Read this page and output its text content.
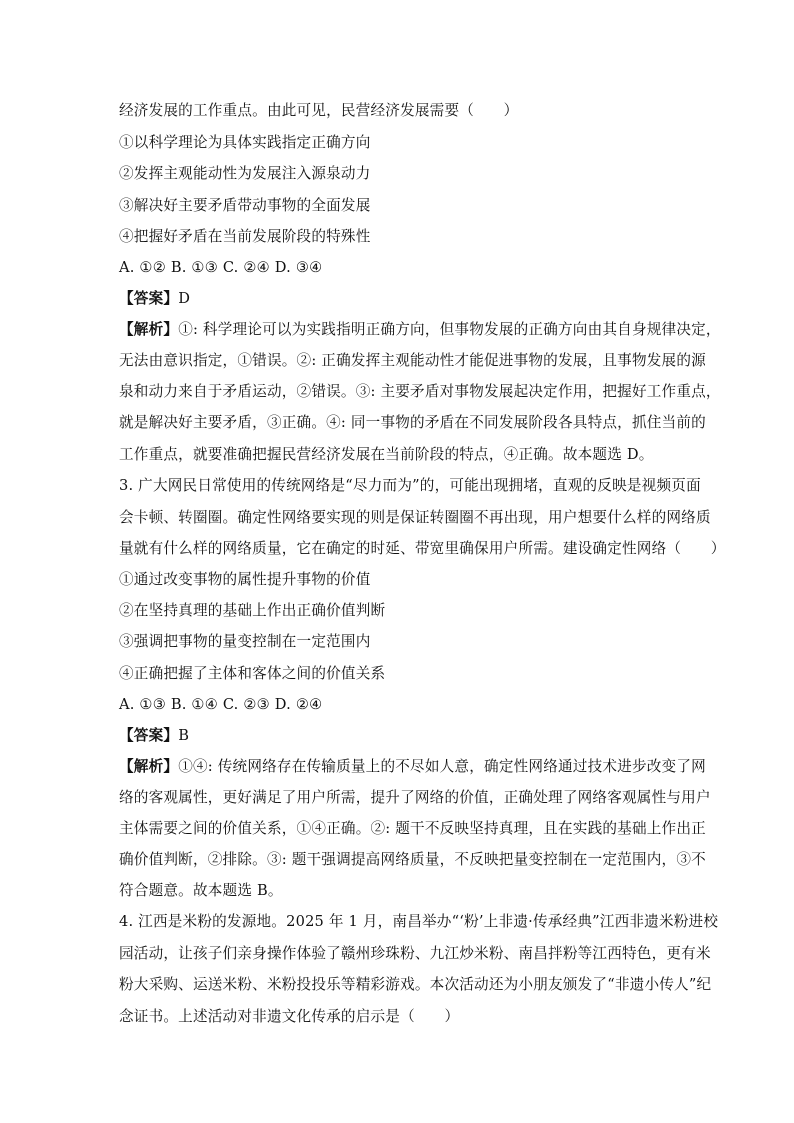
经济发展的工作重点。由此可见，民营经济发展需要（　　）
①以科学理论为具体实践指定正确方向
②发挥主观能动性为发展注入源泉动力
③解决好主要矛盾带动事物的全面发展
④把握好矛盾在当前发展阶段的特殊性
A. ①② B. ①③ C. ②④ D. ③④
【答案】D
【解析】①: 科学理论可以为实践指明正确方向，但事物发展的正确方向由其自身规律决定，
无法由意识指定，①错误。②: 正确发挥主观能动性才能促进事物的发展，且事物发展的源
泉和动力来自于矛盾运动，②错误。③: 主要矛盾对事物发展起决定作用，把握好工作重点，
就是解决好主要矛盾，③正确。④: 同一事物的矛盾在不同发展阶段各具特点，抓住当前的
工作重点，就要准确把握民营经济发展在当前阶段的特点，④正确。故本题选 D。
3. 广大网民日常使用的传统网络是“尽力而为”的，可能出现拥堵，直观的反映是视频页面
会卡顿、转圈圈。确定性网络要实现的则是保证转圈圈不再出现，用户想要什么样的网络质
量就有什么样的网络质量，它在确定的时延、带宽里确保用户所需。建设确定性网络（　　）
①通过改变事物的属性提升事物的价值
②在坚持真理的基础上作出正确价值判断
③强调把事物的量变控制在一定范围内
④正确把握了主体和客体之间的价值关系
A. ①③ B. ①④ C. ②③ D. ②④
【答案】B
【解析】①④: 传统网络存在传输质量上的不尽如人意，确定性网络通过技术进步改变了网
络的客观属性，更好满足了用户所需，提升了网络的价值，正确处理了网络客观属性与用户
主体需要之间的价值关系，①④正确。②: 题干不反映坚持真理，且在实践的基础上作出正
确价值判断，②排除。③: 题干强调提高网络质量，不反映把量变控制在一定范围内，③不
符合题意。故本题选 B。
4. 江西是米粉的发源地。2025 年 1 月，南昌举办“‘粉’上非遗·传承经典”江西非遗米粉进校
园活动，让孩子们亲身操作体验了赣州珍珠粉、九江炒米粉、南昌拌粉等江西特色，更有米
粉大采购、运送米粉、米粉投投乐等精彩游戏。本次活动还为小朋友颁发了“非遗小传人”纪
念证书。上述活动对非遗文化传承的启示是（　　）
